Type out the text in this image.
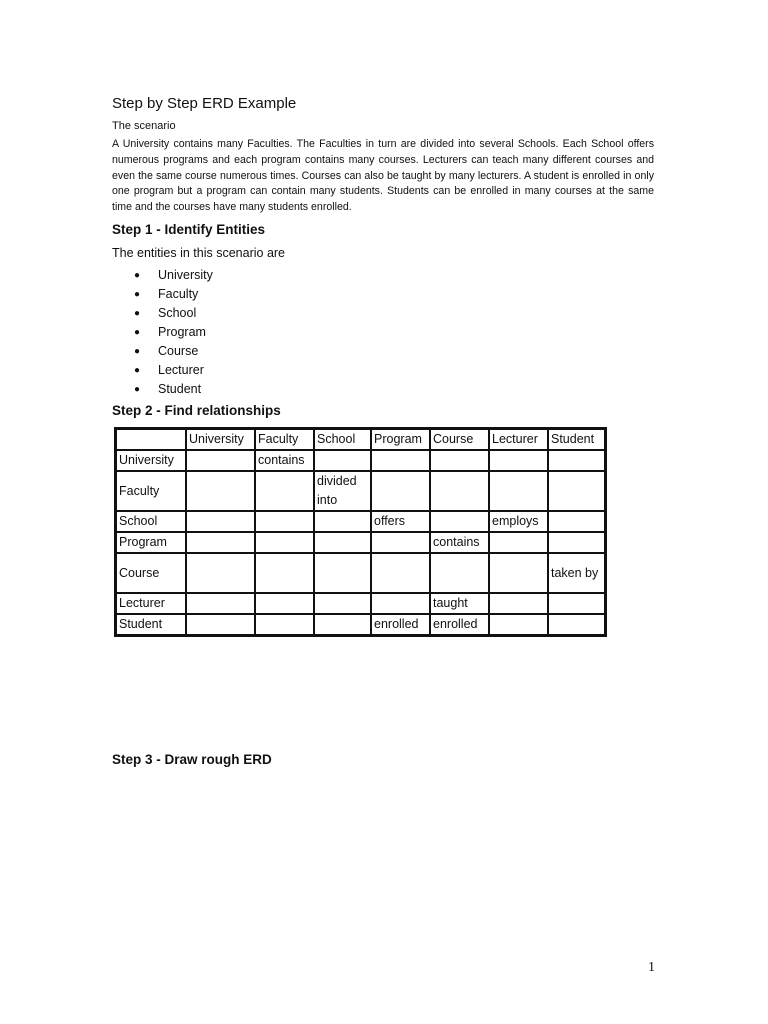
Step by Step ERD Example

The scenario

A University contains many Faculties. The Faculties in turn are divided into several Schools. Each School offers numerous programs and each program contains many courses. Lecturers can teach many different courses and even the same course numerous times. Courses can also be taught by many lecturers. A student is enrolled in only one program but a program can contain many students. Students can be enrolled in many courses at the same time and the courses have many students enrolled.

Step 1 - Identify Entities

The entities in this scenario are

● University
● Faculty
● School
● Program
● Course
● Lecturer
● Student
Step 2 - Find relationships
	University	Faculty	School	Program	Course	Lecturer	Student
University		contains					
Faculty			divided into				
School				offers		employs	
Program					contains		
Course							taken by
Lecturer					taught		
Student				enrolled	enrolled		
Step 3 - Draw rough ERD

1
